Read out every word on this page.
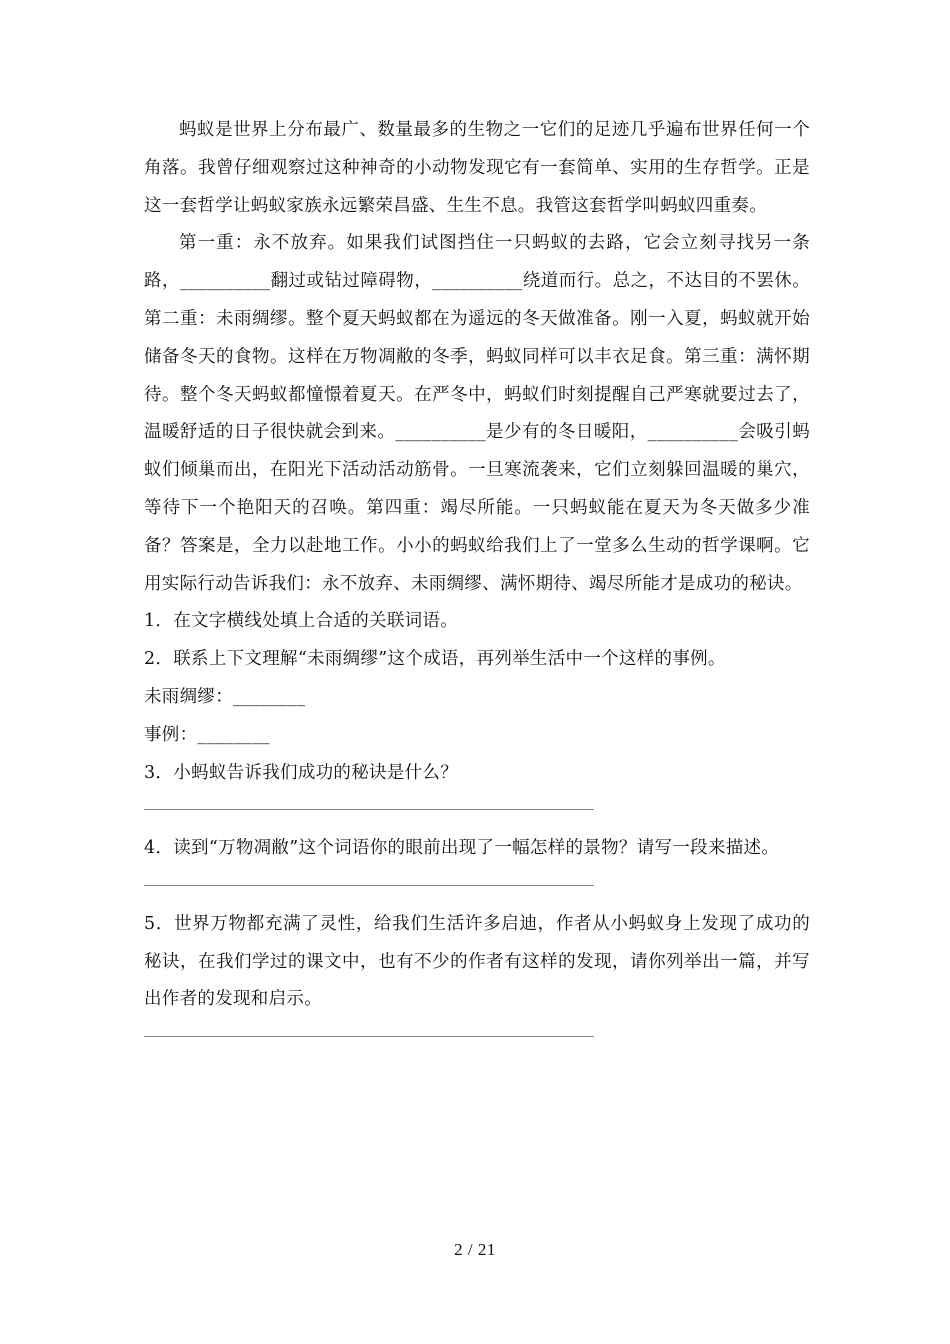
蚂蚁是世界上分布最广、数量最多的生物之一它们的足迹几乎遍布世界任何一个角落。我曾仔细观察过这种神奇的小动物发现它有一套简单、实用的生存哲学。正是这一套哲学让蚂蚁家族永远繁荣昌盛、生生不息。我管这套哲学叫蚂蚁四重奏。

第一重：永不放弃。如果我们试图挡住一只蚂蚁的去路，它会立刻寻找另一条路，__________翻过或钻过障碍物，__________绕道而行。总之，不达目的不罢休。第二重：未雨绸缪。整个夏天蚂蚁都在为遥远的冬天做准备。刚一入夏，蚂蚁就开始储备冬天的食物。这样在万物凋敝的冬季，蚂蚁同样可以丰衣足食。第三重：满怀期待。整个冬天蚂蚁都憧憬着夏天。在严冬中，蚂蚁们时刻提醒自己严寒就要过去了，温暖舒适的日子很快就会到来。__________是少有的冬日暖阳，__________会吸引蚂蚁们倾巢而出，在阳光下活动活动筋骨。一旦寒流袭来，它们立刻躲回温暖的巢穴，等待下一个艳阳天的召唤。第四重：竭尽所能。一只蚂蚁能在夏天为冬天做多少准备？答案是，全力以赴地工作。小小的蚂蚁给我们上了一堂多么生动的哲学课啊。它用实际行动告诉我们：永不放弃、未雨绸缪、满怀期待、竭尽所能才是成功的秘诀。

1．在文字横线处填上合适的关联词语。

2．联系上下文理解“未雨绸缪”这个成语，再列举生活中一个这样的事例。

未雨绸缪：________

事例：________

3．小蚂蚁告诉我们成功的秘诀是什么？

4．读到“万物凋敝”这个词语你的眼前出现了一幅怎样的景物？请写一段来描述。

5．世界万物都充满了灵性，给我们生活许多启迪，作者从小蚂蚁身上发现了成功的秘诀，在我们学过的课文中，也有不少的作者有这样的发现，请你列举出一篇，并写出作者的发现和启示。

2 / 21
